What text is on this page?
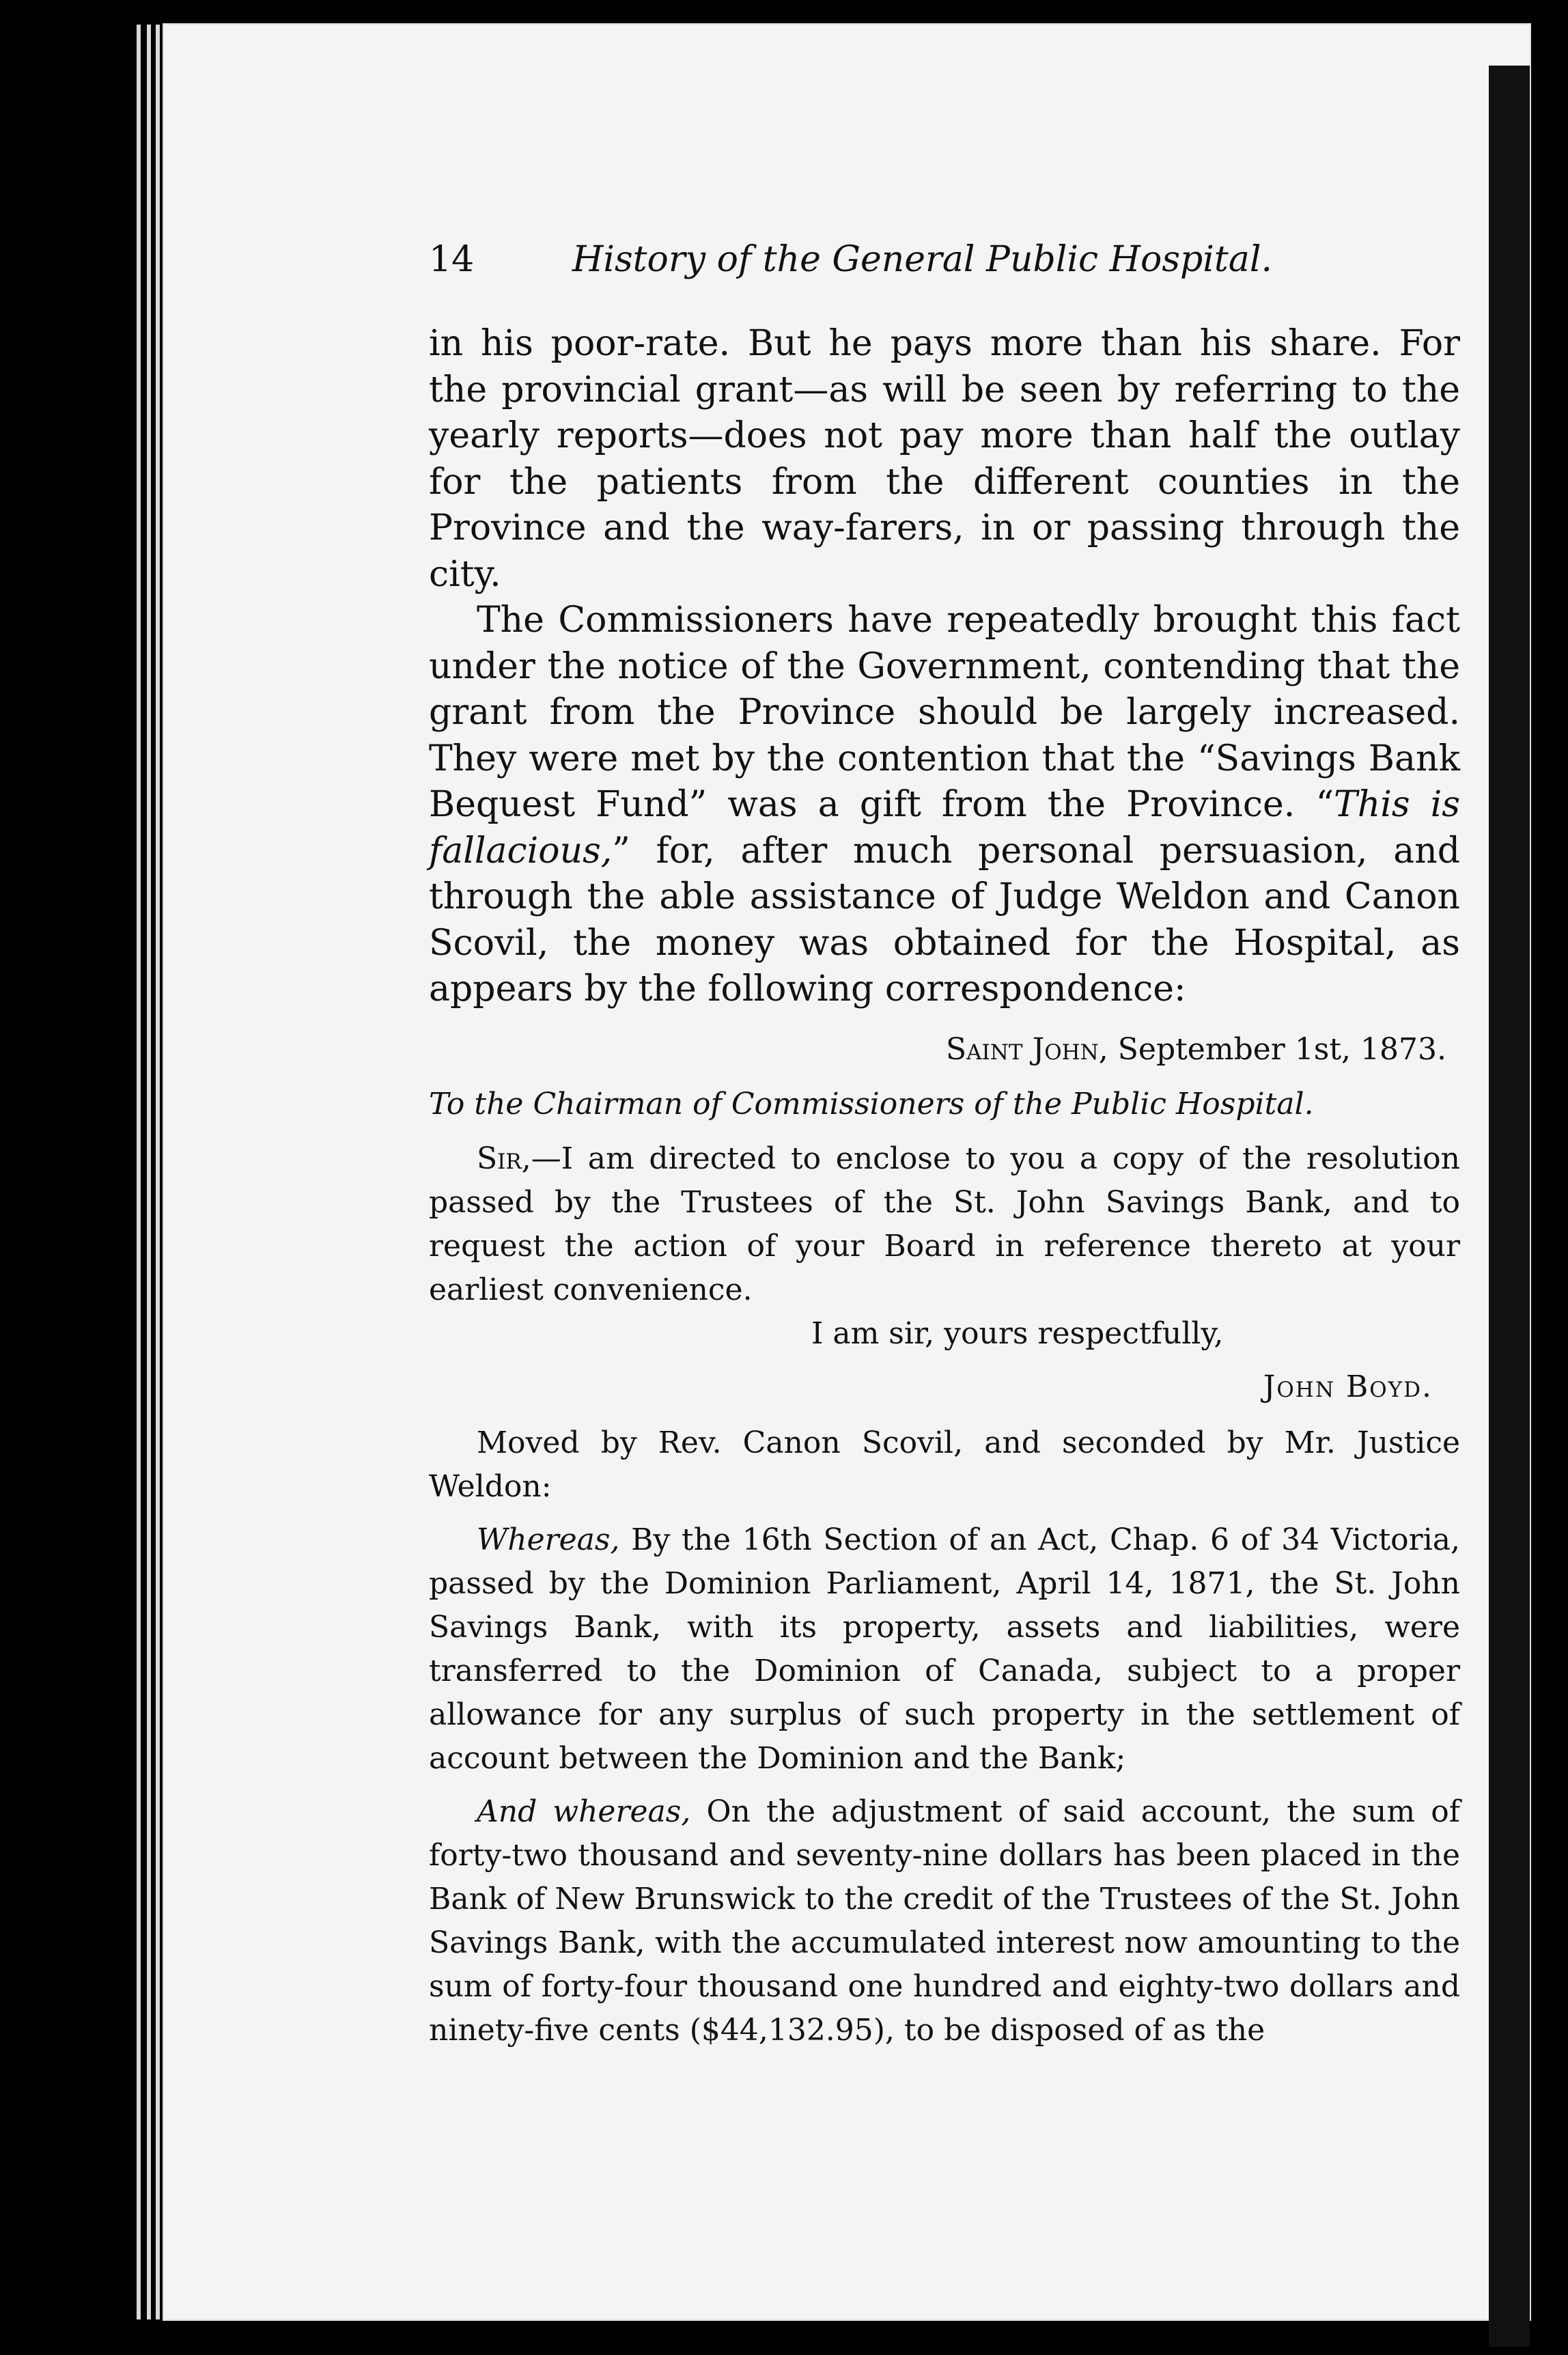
14	History of the General Public Hospital.

in his poor-rate. But he pays more than his share. For the provincial grant—as will be seen by referring to the yearly reports—does not pay more than half the outlay for the patients from the different counties in the Province and the way-farers, in or passing through the city.

The Commissioners have repeatedly brought this fact under the notice of the Government, contending that the grant from the Province should be largely increased. They were met by the contention that the “Savings Bank Bequest Fund” was a gift from the Province. “This is fallacious,” for, after much personal persuasion, and through the able assistance of Judge Weldon and Canon Scovil, the money was obtained for the Hospital, as appears by the following correspondence:

Saint John, September 1st, 1873.

To the Chairman of Commissioners of the Public Hospital.

Sir,—I am directed to enclose to you a copy of the resolution passed by the Trustees of the St. John Savings Bank, and to request the action of your Board in reference thereto at your earliest convenience.

I am sir, yours respectfully,

John Boyd.

Moved by Rev. Canon Scovil, and seconded by Mr. Justice Weldon:

Whereas, By the 16th Section of an Act, Chap. 6 of 34 Victoria, passed by the Dominion Parliament, April 14, 1871, the St. John Savings Bank, with its property, assets and liabilities, were transferred to the Dominion of Canada, subject to a proper allowance for any surplus of such property in the settlement of account between the Dominion and the Bank;

And whereas, On the adjustment of said account, the sum of forty-two thousand and seventy-nine dollars has been placed in the Bank of New Brunswick to the credit of the Trustees of the St. John Savings Bank, with the accumulated interest now amounting to the sum of forty-four thousand one hundred and eighty-two dollars and ninety-five cents ($44,132.95), to be disposed of as the
